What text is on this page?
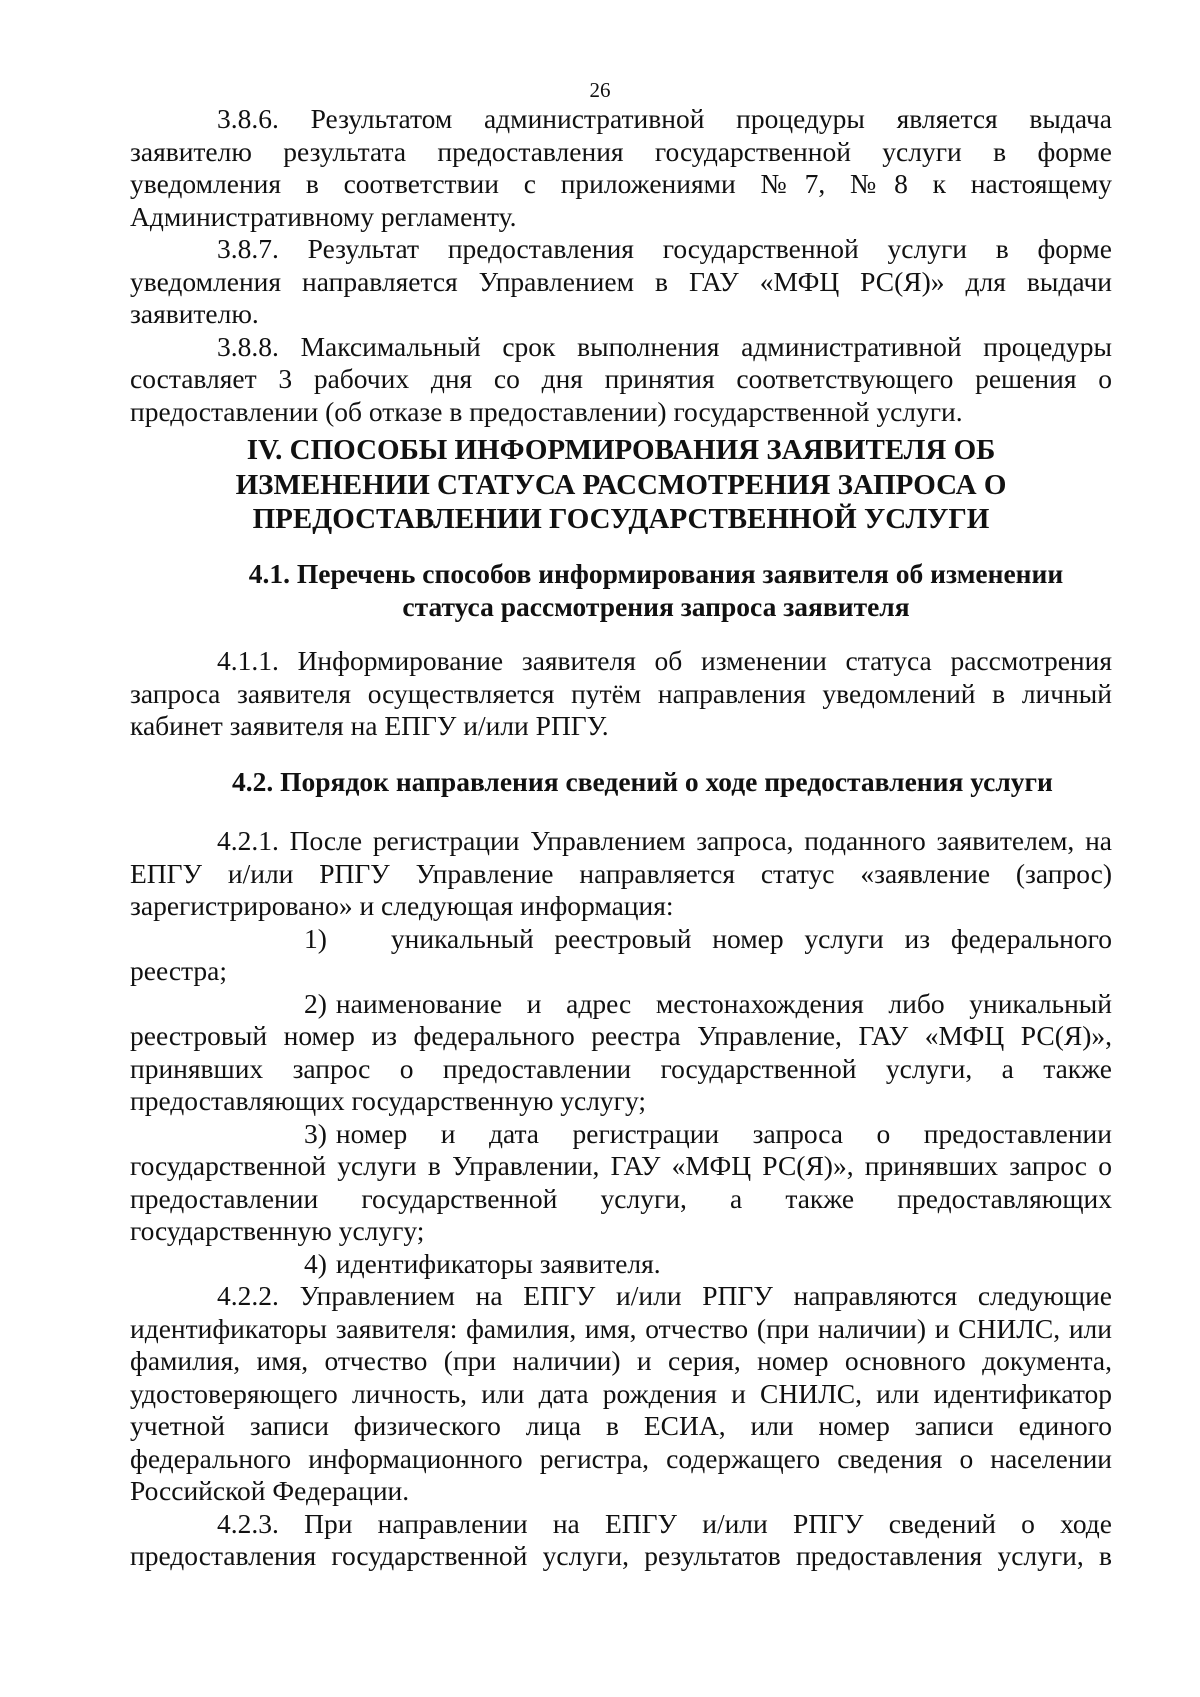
26

3.8.6. Результатом административной процедуры является выдача заявителю результата предоставления государственной услуги в форме уведомления в соответствии с приложениями №7, №8 к настоящему Административному регламенту.

3.8.7. Результат предоставления государственной услуги в форме уведомления направляется Управлением в ГАУ «МФЦ РС(Я)» для выдачи заявителю.

3.8.8. Максимальный срок выполнения административной процедуры составляет 3 рабочих дня со дня принятия соответствующего решения о предоставлении (об отказе в предоставлении) государственной услуги.

IV. СПОСОБЫ ИНФОРМИРОВАНИЯ ЗАЯВИТЕЛЯ ОБ
ИЗМЕНЕНИИ СТАТУСА РАССМОТРЕНИЯ ЗАПРОСА О
ПРЕДОСТАВЛЕНИИ ГОСУДАРСТВЕННОЙ УСЛУГИ
4.1. Перечень способов информирования заявителя об изменении
статуса рассмотрения запроса заявителя

4.1.1. Информирование заявителя об изменении статуса рассмотрения запроса заявителя осуществляется путём направления уведомлений в личный кабинет заявителя на ЕПГУ и/или РПГУ.

4.2. Порядок направления сведений о ходе предоставления услуги

4.2.1. После регистрации Управлением запроса, поданного заявителем, на ЕПГУ и/или РПГУ Управление направляется статус «заявление (запрос) зарегистрировано» и следующая информация:

1) уникальный реестровый номер услуги из федерального реестра;

2) наименование и адрес местонахождения либо уникальный реестровый номер из федерального реестра Управление, ГАУ «МФЦ РС(Я)», принявших запрос о предоставлении государственной услуги, а также предоставляющих государственную услугу;

3) номер и дата регистрации запроса о предоставлении государственной услуги в Управлении, ГАУ «МФЦ РС(Я)», принявших запрос о предоставлении государственной услуги, а также предоставляющих государственную услугу;

4) идентификаторы заявителя.

4.2.2. Управлением на ЕПГУ и/или РПГУ направляются следующие идентификаторы заявителя: фамилия, имя, отчество (при наличии) и СНИЛС, или фамилия, имя, отчество (при наличии) и серия, номер основного документа, удостоверяющего личность, или дата рождения и СНИЛС, или идентификатор учетной записи физического лица в ЕСИА, или номер записи единого федерального информационного регистра, содержащего сведения о населении Российской Федерации.

4.2.3. При направлении на ЕПГУ и/или РПГУ сведений о ходе предоставления государственной услуги, результатов предоставления услуги, в
